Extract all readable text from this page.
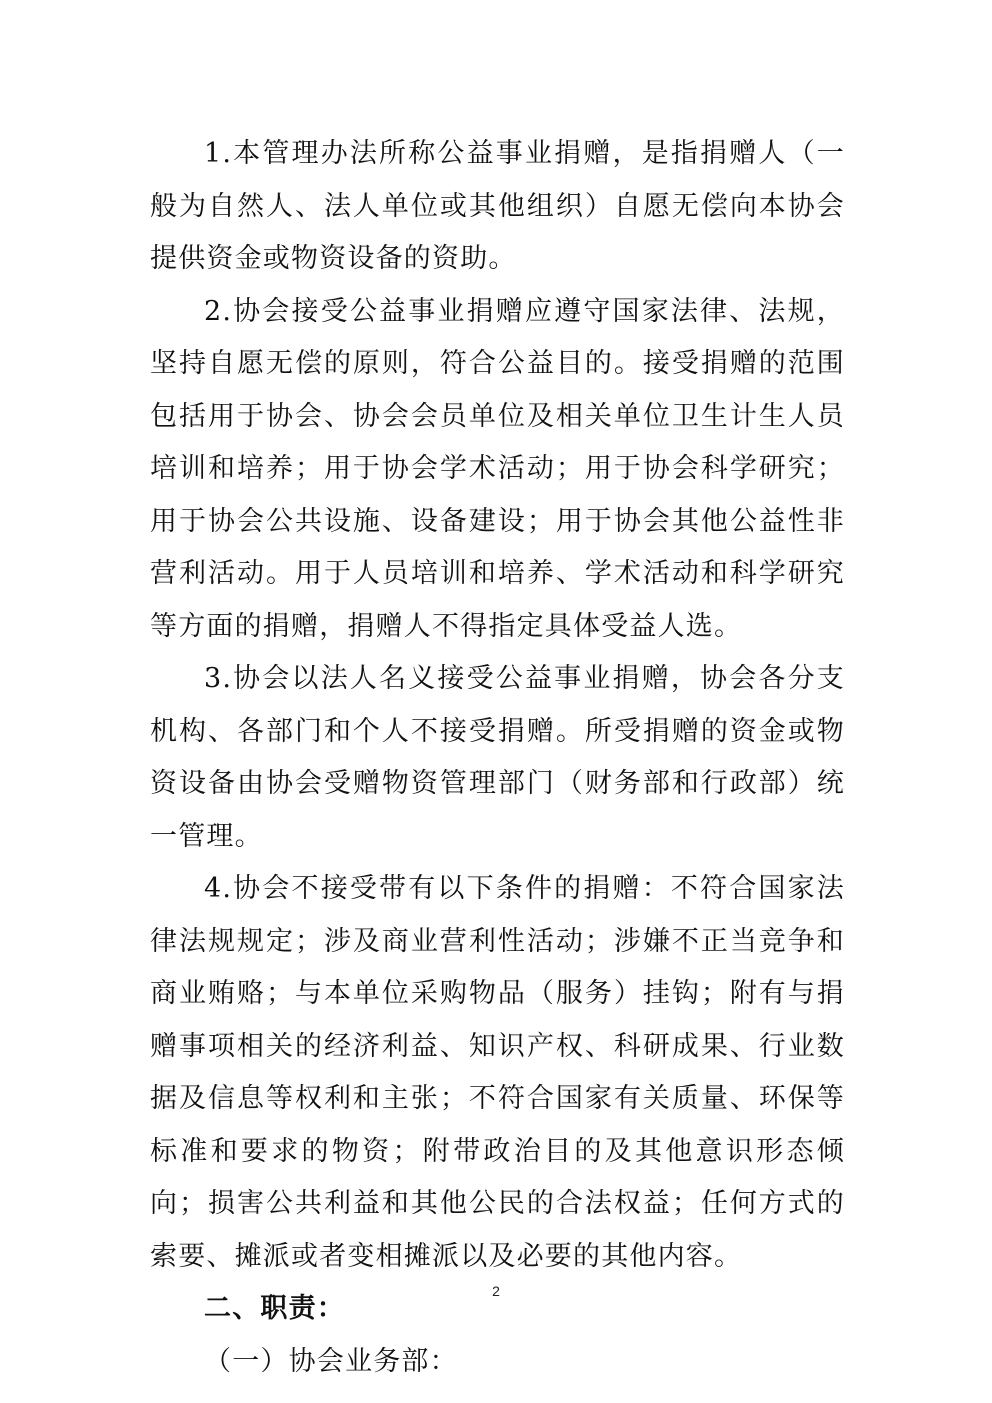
1.本管理办法所称公益事业捐赠，是指捐赠人（一般为自然人、法人单位或其他组织）自愿无偿向本协会提供资金或物资设备的资助。

2.协会接受公益事业捐赠应遵守国家法律、法规，坚持自愿无偿的原则，符合公益目的。接受捐赠的范围包括用于协会、协会会员单位及相关单位卫生计生人员培训和培养；用于协会学术活动；用于协会科学研究；用于协会公共设施、设备建设；用于协会其他公益性非营利活动。用于人员培训和培养、学术活动和科学研究等方面的捐赠，捐赠人不得指定具体受益人选。

3.协会以法人名义接受公益事业捐赠，协会各分支机构、各部门和个人不接受捐赠。所受捐赠的资金或物资设备由协会受赠物资管理部门（财务部和行政部）统一管理。

4.协会不接受带有以下条件的捐赠：不符合国家法律法规规定；涉及商业营利性活动；涉嫌不正当竞争和商业贿赂；与本单位采购物品（服务）挂钩；附有与捐赠事项相关的经济利益、知识产权、科研成果、行业数据及信息等权利和主张；不符合国家有关质量、环保等标准和要求的物资；附带政治目的及其他意识形态倾向；损害公共利益和其他公民的合法权益；任何方式的索要、摊派或者变相摊派以及必要的其他内容。

二、职责：

（一）协会业务部：

2
